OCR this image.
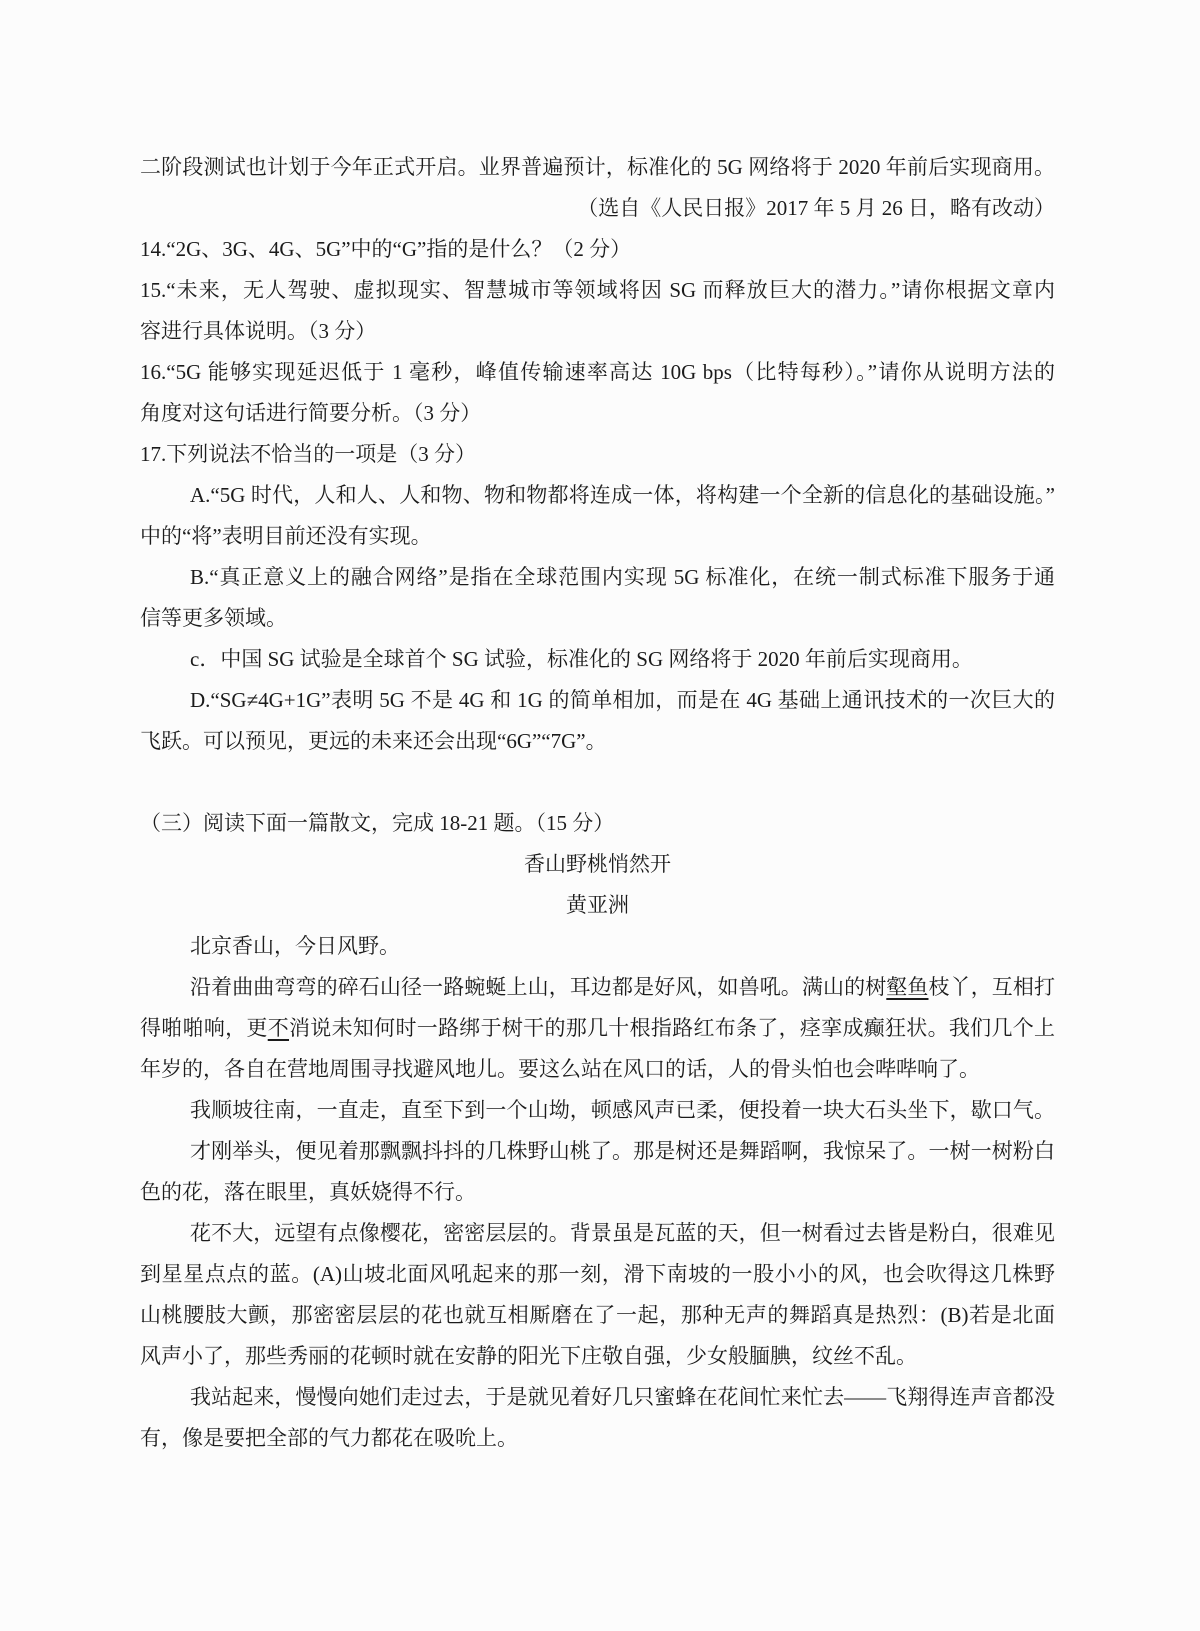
二阶段测试也计划于今年正式开启。业界普遍预计，标准化的 5G 网络将于 2020 年前后实现商用。
（选自《人民日报》2017 年 5 月 26 日，略有改动）
14.“2G、3G、4G、5G”中的“G”指的是什么？（2 分）
15.“未来，无人驾驶、虚拟现实、智慧城市等领域将因 SG 而释放巨大的潜力。”请你根据文章内
容进行具体说明。（3 分）
16.“5G 能够实现延迟低于 1 毫秒，峰值传输速率高达 10G bps（比特每秒）。”请你从说明方法的
角度对这句话进行简要分析。（3 分）
17.下列说法不恰当的一项是（3 分）
A.“5G 时代，人和人、人和物、物和物都将连成一体，将构建一个全新的信息化的基础设施。”
中的“将”表明目前还没有实现。
B.“真正意义上的融合网络”是指在全球范围内实现 5G 标准化，在统一制式标准下服务于通
信等更多领域。
c．中国 SG 试验是全球首个 SG 试验，标准化的 SG 网络将于 2020 年前后实现商用。
D.“SG≠4G+1G”表明 5G 不是 4G 和 1G 的简单相加，而是在 4G 基础上通讯技术的一次巨大的
飞跃。可以预见，更远的未来还会出现“6G”“7G”。
（三）阅读下面一篇散文，完成 18-21 题。（15 分）
香山野桃悄然开
黄亚洲
北京香山，今日风野。
沿着曲曲弯弯的碎石山径一路蜿蜒上山，耳边都是好风，如兽吼。满山的树壑鱼枝丫，互相打
得啪啪响，更不消说未知何时一路绑于树干的那几十根指路红布条了，痉挛成癫狂状。我们几个上
年岁的，各自在营地周围寻找避风地儿。要这么站在风口的话，人的骨头怕也会哔哔响了。
我顺坡往南，一直走，直至下到一个山坳，顿感风声已柔，便投着一块大石头坐下，歇口气。
才刚举头，便见着那飘飘抖抖的几株野山桃了。那是树还是舞蹈啊，我惊呆了。一树一树粉白
色的花，落在眼里，真妖娆得不行。
花不大，远望有点像樱花，密密层层的。背景虽是瓦蓝的天，但一树看过去皆是粉白，很难见
到星星点点的蓝。(A)山坡北面风吼起来的那一刻，滑下南坡的一股小小的风，也会吹得这几株野
山桃腰肢大颤，那密密层层的花也就互相厮磨在了一起，那种无声的舞蹈真是热烈：(B)若是北面
风声小了，那些秀丽的花顿时就在安静的阳光下庄敬自强，少女般腼腆，纹丝不乱。
我站起来，慢慢向她们走过去，于是就见着好几只蜜蜂在花间忙来忙去——飞翔得连声音都没
有，像是要把全部的气力都花在吸吮上。
